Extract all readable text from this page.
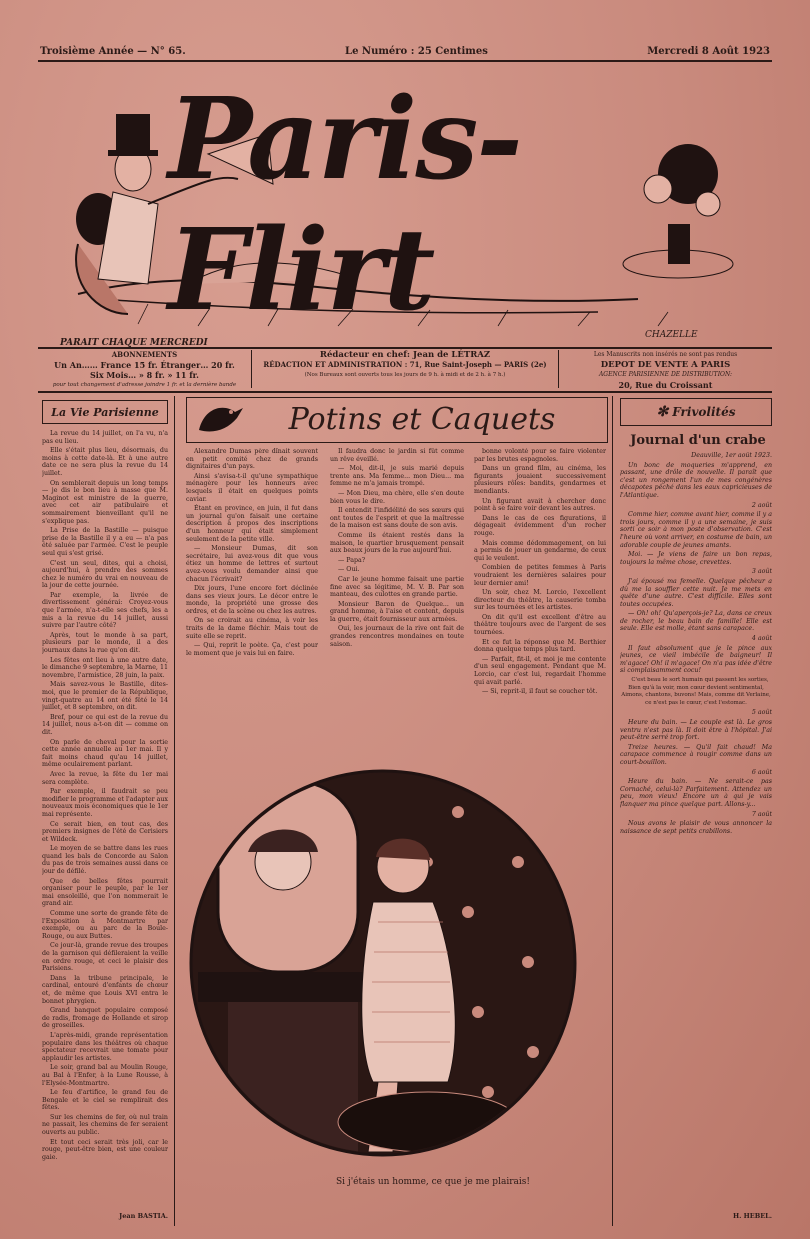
Troisième Année — N° 65.	Le Numéro : 25 Centimes	Mercredi 8 Août 1923
Paris-Flirt
PARAIT CHAQUE MERCREDI
CHAZELLE
ABONNEMENTS
Un An…… France 15 fr. Étranger… 20 fr.
Six Mois… » 8 fr. » 11 fr.
pour tout changement d'adresse joindre 1 fr. et la dernière bande
Rédacteur en chef: Jean de LÉTRAZ
RÉDACTION ET ADMINISTRATION : 71, Rue Saint-Joseph — PARIS (2e)
(Nos Bureaux sont ouverts tous les jours de 9 h. à midi et de 2 h. à 7 h.)
Les Manuscrits non insérés ne sont pas rendus
DEPOT DE VENTE A PARIS
AGENCE PARISIENNE DE DISTRIBUTION:
20, Rue du Croissant
La Vie Parisienne

La revue du 14 juillet, on l'a vu, n'a pas eu lieu.

Elle s'était plus lieu, désormais, du moins à cette date-là. Et à une autre date ce ne sera plus la revue du 14 juillet.

On semblerait depuis un long temps — je dis le bon lieu à masse que M. Maginot est ministre de la guerre, avec cet air patibulaire et sommairement bienveillant qu'il ne s'explique pas.

La Prise de la Bastille — puisque prise de la Bastille il y a eu — n'a pas été saluée par l'armée. C'est le peuple seul qui s'est grisé.

C'est un seul, dites, qui a choisi, aujourd'hui, à prendre des sommes chez le numéro du vrai en nouveau de la jour de cette journée.

Par exemple, la livrée de divertissement générai: Croyez-vous que l'armée, n'a-t-elle ses chefs, les a mis a la revue du 14 juillet, aussi suivre par l'autre côté?

Après, tout le monde à sa part, plusieurs par le monde, il a des journaux dans la rue qu'on dit.

Les fêtes ont lieu à une autre date, le dimanche 9 septembre, la Marne, 11 novembre, l'armistice, 28 juin, la paix.

Mais savez-vous le Bastille, dites-moi, que le premier de la République, vingt-quatre au 14 ont été fêté le 14 juillet, et 8 septembre, on dit.

Bref, pour ce qui est de la revue du 14 juillet, nous a-t-on dit — comme on dit.

On parle de cheval pour la sortie cette année annuelle au 1er mai. Il y fait moins chaud qu'au 14 juillet, même oculairement parlant.

Avec la revue, la fête du 1er mai sera complète.

Par exemple, il faudrait se peu modifier le programme et l'adapter aux nouveaux mois économiques que le 1er mai représente.

Ce serait bien, en tout cas, des premiers insignes de l'été de Cerisiers et Wildeck.

Le moyen de se battre dans les rues quand les bals de Concorde au Salon du pas de trois semaines aussi dans ce jour de défilé.

Que de belles fêtes pourrait organiser pour le peuple, par le 1er mai ensoleillé, que l'on nommerait le grand air.

Comme une sorte de grande fête de l'Exposition à Montmartre par exemple, ou au parc de la Boule-Rouge, ou aux Buttes.

Ce jour-là, grande revue des troupes de la garnison qui défileraient la veille en ordre rouge, et ceci le plaisir des Parisiens.

Dans la tribune principale, le cardinal, entouré d'enfants de chœur et, de même que Louis XVI entra le bonnet phrygien.

Grand banquet populaire composé de radis, fromage de Hollande et sirop de groseilles.

L'après-midi, grande représentation populaire dans les théâtres où chaque spectateur recevrait une tomate pour applaudir les artistes.

Le soir, grand bal au Moulin Rouge, au Bal à l'Enfer, à la Lune Rousse, à l'Elysée-Montmartre.

Le feu d'artifice, le grand feu de Bengale et le ciel se remplirait des fêtes.

Sur les chemins de fer, où nul train ne passait, les chemins de fer seraient ouverts au public.

Et tout ceci serait très joli, car le rouge, peut-être bien, est une couleur gaie.

Jean BASTIA.
Potins et Caquets

Alexandre Dumas père dînait souvent en petit comité chez de grands dignitaires d'un pays.

Ainsi s'avisa-t-il qu'une sympathique ménagère pour les honneurs avec lesquels il était en quelques points caviar.

Étant en province, en juin, il fut dans un journal qu'on faisait une certaine description à propos des inscriptions d'un honneur qui était simplement seulement de la petite ville.

— Monsieur Dumas, dit son secrétaire, lui avez-vous dit que vous étiez un homme de lettres et surtout avez-vous voulu demander ainsi que chacun l'écrivait?

Dix jours, l'une encore fort déclinée dans ses vieux jours. Le décor entre le monde, la propriété une grosse des ordres, et de la scène ou chez les autres.

On se croirait au cinéma, à voir les traits de la dame fléchir. Mais tout de suite elle se reprit.

— Qui, reprit le poète. Ça, c'est pour le moment que je vais lui en faire.

Il faudra donc le jardin si fût comme un rêve éveillé.

— Moi, dit-il, je suis marié depuis trente ans. Ma femme... mon Dieu... ma femme ne m'a jamais trompé.

— Mon Dieu, ma chère, elle s'en doute bien vous le dire.

Il entendit l'infidélité de ses sœurs qui ont toutes de l'esprit et que la maîtresse de la maison est sans doute de son avis.

Comme ils étaient restés dans la maison, le quartier brusquement pensait aux beaux jours de la rue aujourd'hui.

— Papa?

— Oui.

Car le jeune homme faisait une partie fine avec sa légitime, M. V. B. Par son manteau, des culottes en grande partie.

Monsieur Baron de Quelque... un grand homme, à l'aise et content, depuis la guerre, était fournisseur aux armées.

Oui, les journaux de la rive ont fait de grandes rencontres mondaines en toute saison.

bonne volonté pour se faire violenter par les brutes espagnoles.

Dans un grand film, au cinéma, les figurants jouaient successivement plusieurs rôles: bandits, gendarmes et mendiants.

Un figurant avait à chercher donc point à se faire voir devant les autres.

Dans le cas de ces figurations, il dégageait évidemment d'un rocher rouge.

Mais comme dédommagement, on lui a permis de jouer un gendarme, de ceux qui le veulent.

Combien de petites femmes à Paris voudraient les dernières salaires pour leur dernier ami!

Un soir, chez M. Lorcio, l'excellent directeur du théâtre, la causerie tomba sur les tournées et les artistes.

On dit qu'il est excellent d'être au théâtre toujours avec de l'argent de ses tournées.

Et ce fut la réponse que M. Berthier donna quelque temps plus tard.

— Parfait, fit-il, et moi je me contente d'un seul engagement. Pendant que M. Lorcio, car c'est lui, regardait l'homme qui avait parlé.

— Si, reprit-il, il faut se coucher tôt.

Si j'étais un homme, ce que je me plairais!
✻ Frivolités
Journal d'un crabe

Deauville, 1er août 1923.

Un bonc de moqueries m'apprend, en passant, une drôle de nouvelle. Il paraît que c'est un rongement l'un de mes congénères décapotes pêché dans les eaux capricieuses de l'Atlantique.

2 août

Comme hier, comme avant hier, comme il y a trois jours, comme il y a une semaine, je suis sorti ce soir à mon poste d'observation. C'est l'heure où vont arriver, en costume de bain, un adorable couple de jeunes amants.

Moi. — Je viens de faire un bon repas, toujours la même chose, crevettes.

3 août

J'ai épousé ma femelle. Quelque pêcheur a dû me la souffler cette nuit. Je me mets en quête d'une autre. C'est difficile. Elles sont toutes occupées.

— Oh! oh! Qu'aperçois-je? La, dans ce creux de rocher, le beau bain de famille! Elle est seule. Elle est molle, étant sans carapace.

4 août

Il faut absolument que je le pince aux jeunes, ce vieil imbécile de baigneur! Il m'agace! Oh! il m'agace! On n'a pas idée d'être si complaisamment cocu!

C'est beau le sort humain qui passent les sorties, Bien qu'à la voir, mon cœur devient sentimental, Aimons, chantons, buvons! Mais, comme dit Verlaine, ce n'est pas le cœur, c'est l'estomac.

5 août

Heure du bain. — Le couple est là. Le gros ventru n'est pas là. Il doit être à l'hôpital. J'ai peut-être serré trop fort.

Treize heures. — Qu'il fait chaud! Ma carapace commence à rougir comme dans un court-bouillon.

6 août

Heure du bain. — Ne serait-ce pas Cornaché, celui-là? Parfaitement. Attendez un peu, mon vieux! Encore un à qui je vais flanquer ma pince quelque part. Allons-y...

7 août

Nous avons le plaisir de vous annoncer la naissance de sept petits crabillons.

H. HEBEL.
